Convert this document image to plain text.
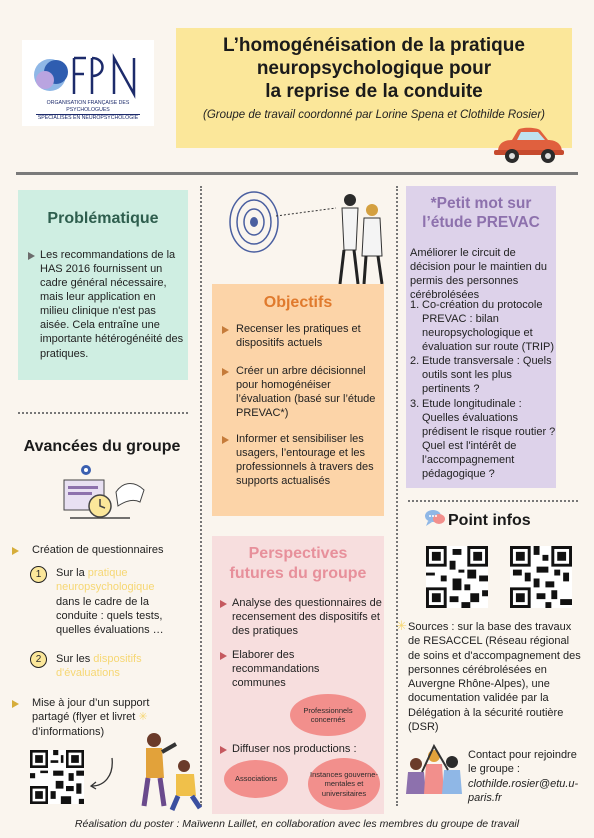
ORGANISATION FRANÇAISE DES PSYCHOLOGUES
SPÉCIALISÉS EN NEUROPSYCHOLOGIE
L’homogénéisation de la pratique
neuropsychologique pour
la reprise de la conduite
(Groupe de travail coordonné par Lorine Spena et Clothilde Rosier)
Problématique
Les recommandations de la HAS 2016 fournissent un cadre général nécessaire, mais leur application en milieu clinique n'est pas aisée. Cela entraîne une importante hétérogénéité des pratiques.
Avancées du groupe
Création de questionnaires
1	Sur la pratique neuropsychologique dans le cadre de la conduite : quels tests, quelles évaluations …
2	Sur les dispositifs d'évaluations
Mise à jour d’un support partagé (flyer et livret ✳ d’informations)
Objectifs
Recenser les pratiques et dispositifs actuels
Créer un arbre décisionnel pour homogénéiser l’évaluation (basé sur l’étude PREVAC*)
Informer et sensibiliser les usagers, l’entourage et les professionnels à travers des supports actualisés
Perspectives
futures du groupe
Analyse des questionnaires de recensement des dispositifs et des pratiques
Elaborer des recommandations communes
Diffuser nos productions :
Professionnels concernés
Associations	Instances gouverne-mentales et universitaires
*Petit mot sur
l’étude PREVAC
Améliorer le circuit de décision pour le maintien du permis des personnes cérébrolésées
1. Co-création du protocole PREVAC : bilan neuropsychologique et évaluation sur route (TRIP)
2. Etude transversale : Quels outils sont les plus pertinents ?
3. Etude longitudinale : Quelles évaluations prédisent le risque routier ? Quel est l'intérêt de l’accompagnement pédagogique ?
Point infos
✳ Sources : sur la base des travaux de RESACCEL (Réseau régional de soins et d'accompagnement des personnes cérébrolésées en Auvergne Rhône-Alpes), une documentation validée par la Délégation à la sécurité routière (DSR)
Contact pour rejoindre le groupe :
clothilde.rosier@etu.u-paris.fr
Réalisation du poster : Maïwenn Laillet, en collaboration avec les membres du groupe de travail
